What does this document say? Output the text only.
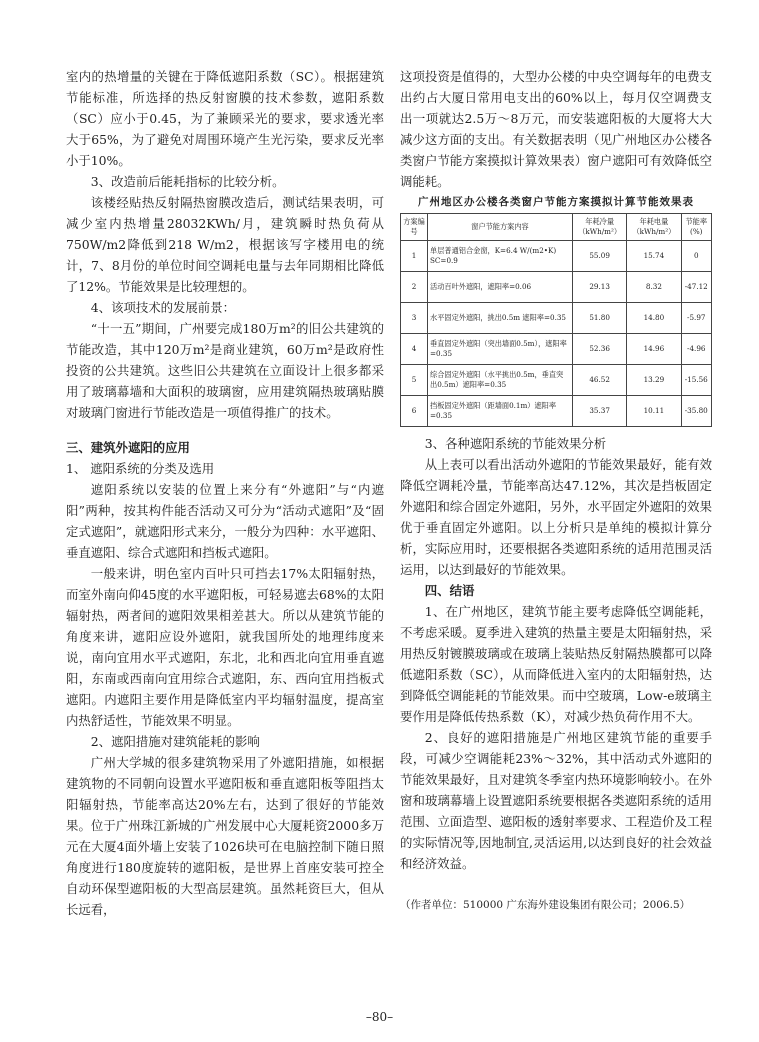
室内的热增量的关键在于降低遮阳系数（SC）。根据建筑节能标准，所选择的热反射窗膜的技术参数，遮阳系数（SC）应小于0.45，为了兼顾采光的要求，要求透光率大于65%，为了避免对周围环境产生光污染，要求反光率小于10%。

3、改造前后能耗指标的比较分析。

该楼经贴热反射隔热窗膜改造后，测试结果表明，可减少室内热增量28032KWh/月，建筑瞬时热负荷从750W/m2降低到218 W/m2，根据该写字楼用电的统计，7、8月份的单位时间空调耗电量与去年同期相比降低了12%。节能效果是比较理想的。

4、该项技术的发展前景：

“十一五”期间，广州要完成180万m²的旧公共建筑的节能改造，其中120万m²是商业建筑，60万m²是政府性投资的公共建筑。这些旧公共建筑在立面设计上很多都采用了玻璃幕墙和大面积的玻璃窗，应用建筑隔热玻璃贴膜对玻璃门窗进行节能改造是一项值得推广的技术。

三、建筑外遮阳的应用

1、 遮阳系统的分类及选用

遮阳系统以安装的位置上来分有“外遮阳”与“内遮阳”两种，按其构件能否活动又可分为“活动式遮阳”及“固定式遮阳”，就遮阳形式来分，一般分为四种：水平遮阳、垂直遮阳、综合式遮阳和挡板式遮阳。

一般来讲，明色室内百叶只可挡去17%太阳辐射热，而室外南向仰45度的水平遮阳板，可轻易遮去68%的太阳辐射热，两者间的遮阳效果相差甚大。所以从建筑节能的角度来讲，遮阳应设外遮阳，就我国所处的地理纬度来说，南向宜用水平式遮阳，东北，北和西北向宜用垂直遮阳，东南或西南向宜用综合式遮阳，东、西向宜用挡板式遮阳。内遮阳主要作用是降低室内平均辐射温度，提高室内热舒适性，节能效果不明显。

2、遮阳措施对建筑能耗的影响

广州大学城的很多建筑物采用了外遮阳措施，如根据建筑物的不同朝向设置水平遮阳板和垂直遮阳板等阻挡太阳辐射热，节能率高达20%左右，达到了很好的节能效果。位于广州珠江新城的广州发展中心大厦耗资2000多万元在大厦4面外墙上安装了1026块可在电脑控制下随日照角度进行180度旋转的遮阳板，是世界上首座安装可控全自动环保型遮阳板的大型高层建筑。虽然耗资巨大，但从长远看，

这项投资是值得的，大型办公楼的中央空调每年的电费支出约占大厦日常用电支出的60%以上，每月仅空调费支出一项就达2.5万～8万元，而安装遮阳板的大厦将大大减少这方面的支出。有关数据表明（见广州地区办公楼各类窗户节能方案摸拟计算效果表）窗户遮阳可有效降低空调能耗。

广州地区办公楼各类窗户节能方案摸拟计算节能效果表
方案编号	窗户节能方案内容	年耗冷量（kWh/m²）	年耗电量（kWh/m²）	节能率(%)
1	单层普通铝合金窗，K=6.4 W/(m2•K) SC=0.9	55.09	15.74	0
2	活动百叶外遮阳，遮阳率=0.06	29.13	8.32	-47.12
3	水平固定外遮阳，挑出0.5m 遮阳率=0.35	51.80	14.80	-5.97
4	垂直固定外遮阳（突出墙面0.5m），遮阳率=0.35	52.36	14.96	-4.96
5	综合固定外遮阳（水平挑出0.5m，垂直突出0.5m）遮阳率=0.35	46.52	13.29	-15.56
6	挡板固定外遮阳（距墙面0.1m）遮阳率=0.35	35.37	10.11	-35.80

3、各种遮阳系统的节能效果分析

从上表可以看出活动外遮阳的节能效果最好，能有效降低空调耗冷量，节能率高达47.12%，其次是挡板固定外遮阳和综合固定外遮阳，另外，水平固定外遮阳的效果优于垂直固定外遮阳。以上分析只是单纯的模拟计算分析，实际应用时，还要根据各类遮阳系统的适用范围灵活运用，以达到最好的节能效果。

四、结语

1、在广州地区，建筑节能主要考虑降低空调能耗，不考虑采暖。夏季进入建筑的热量主要是太阳辐射热，采用热反射镀膜玻璃或在玻璃上装贴热反射隔热膜都可以降低遮阳系数（SC），从而降低进入室内的太阳辐射热，达到降低空调能耗的节能效果。而中空玻璃，Low-e玻璃主要作用是降低传热系数（K），对减少热负荷作用不大。

2、良好的遮阳措施是广州地区建筑节能的重要手段，可减少空调能耗23%～32%，其中活动式外遮阳的节能效果最好，且对建筑冬季室内热环境影响较小。在外窗和玻璃幕墙上设置遮阳系统要根据各类遮阳系统的适用范围、立面造型、遮阳板的透射率要求、工程造价及工程的实际情况等,因地制宜,灵活运用,以达到良好的社会效益和经济效益。

（作者单位：510000 广东海外建设集团有限公司；2006.5）

–80–
